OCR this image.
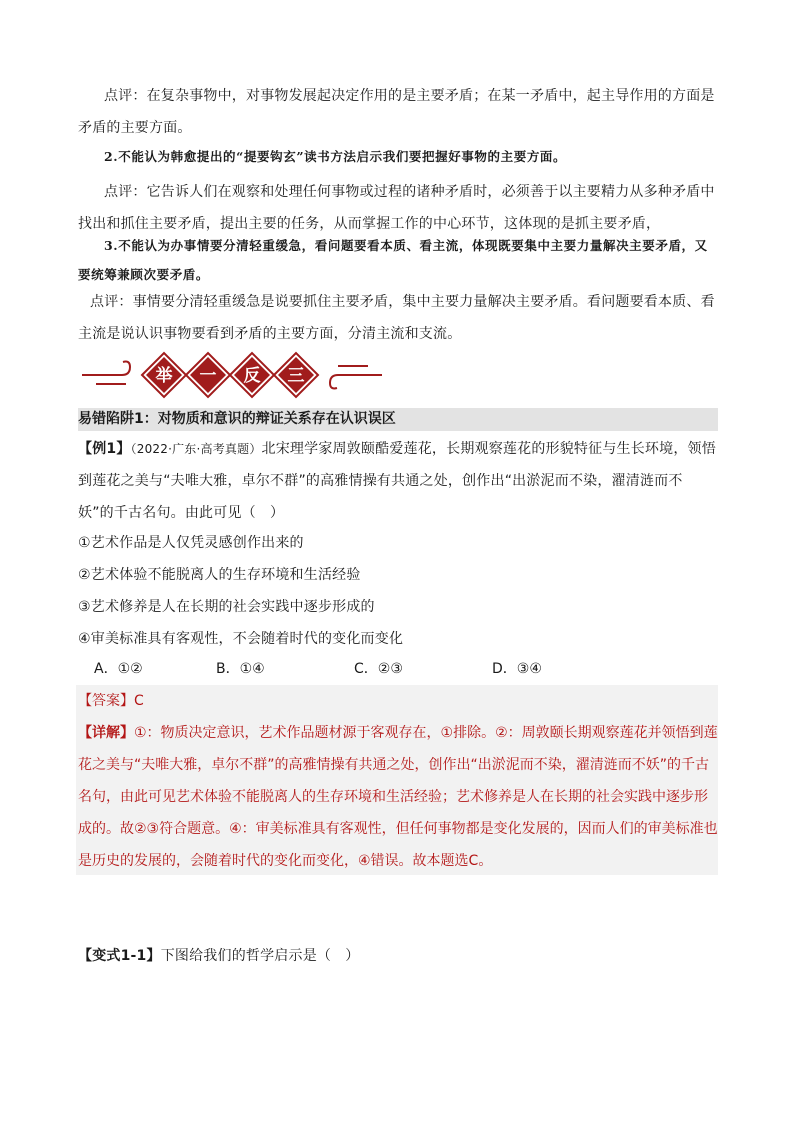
点评：在复杂事物中，对事物发展起决定作用的是主要矛盾；在某一矛盾中，起主导作用的方面是矛盾的主要方面。
2.不能认为韩愈提出的“提要钩玄”读书方法启示我们要把握好事物的主要方面。
点评：它告诉人们在观察和处理任何事物或过程的诸种矛盾时，必须善于以主要精力从多种矛盾中找出和抓住主要矛盾，提出主要的任务，从而掌握工作的中心环节，这体现的是抓主要矛盾，
3.不能认为办事情要分清轻重缓急，看问题要看本质、看主流，体现既要集中主要力量解决主要矛盾，又要统筹兼顾次要矛盾。
点评：事情要分清轻重缓急是说要抓住主要矛盾，集中主要力量解决主要矛盾。看问题要看本质、看主流是说认识事物要看到矛盾的主要方面，分清主流和支流。
举 一 反 三
易错陷阱1：对物质和意识的辩证关系存在认识误区
【例1】（2022·广东·高考真题）北宋理学家周敦颐酷爱莲花，长期观察莲花的形貌特征与生长环境，领悟到莲花之美与“夫唯大雅，卓尔不群”的高雅情操有共通之处，创作出“出淤泥而不染，濯清涟而不妖”的千古名句。由此可见（　）
①艺术作品是人仅凭灵感创作出来的
②艺术体验不能脱离人的生存环境和生活经验
③艺术修养是人在长期的社会实践中逐步形成的
④审美标准具有客观性，不会随着时代的变化而变化
A．①②	B．①④	C．②③	D．③④
【答案】C
【详解】①：物质决定意识，艺术作品题材源于客观存在，①排除。②：周敦颐长期观察莲花并领悟到莲花之美与“夫唯大雅，卓尔不群”的高雅情操有共通之处，创作出“出淤泥而不染，濯清涟而不妖”的千古名句，由此可见艺术体验不能脱离人的生存环境和生活经验；艺术修养是人在长期的社会实践中逐步形成的。故②③符合题意。④：审美标准具有客观性，但任何事物都是变化发展的，因而人们的审美标准也是历史的发展的，会随着时代的变化而变化，④错误。故本题选C。
【变式1-1】下图给我们的哲学启示是（　）
